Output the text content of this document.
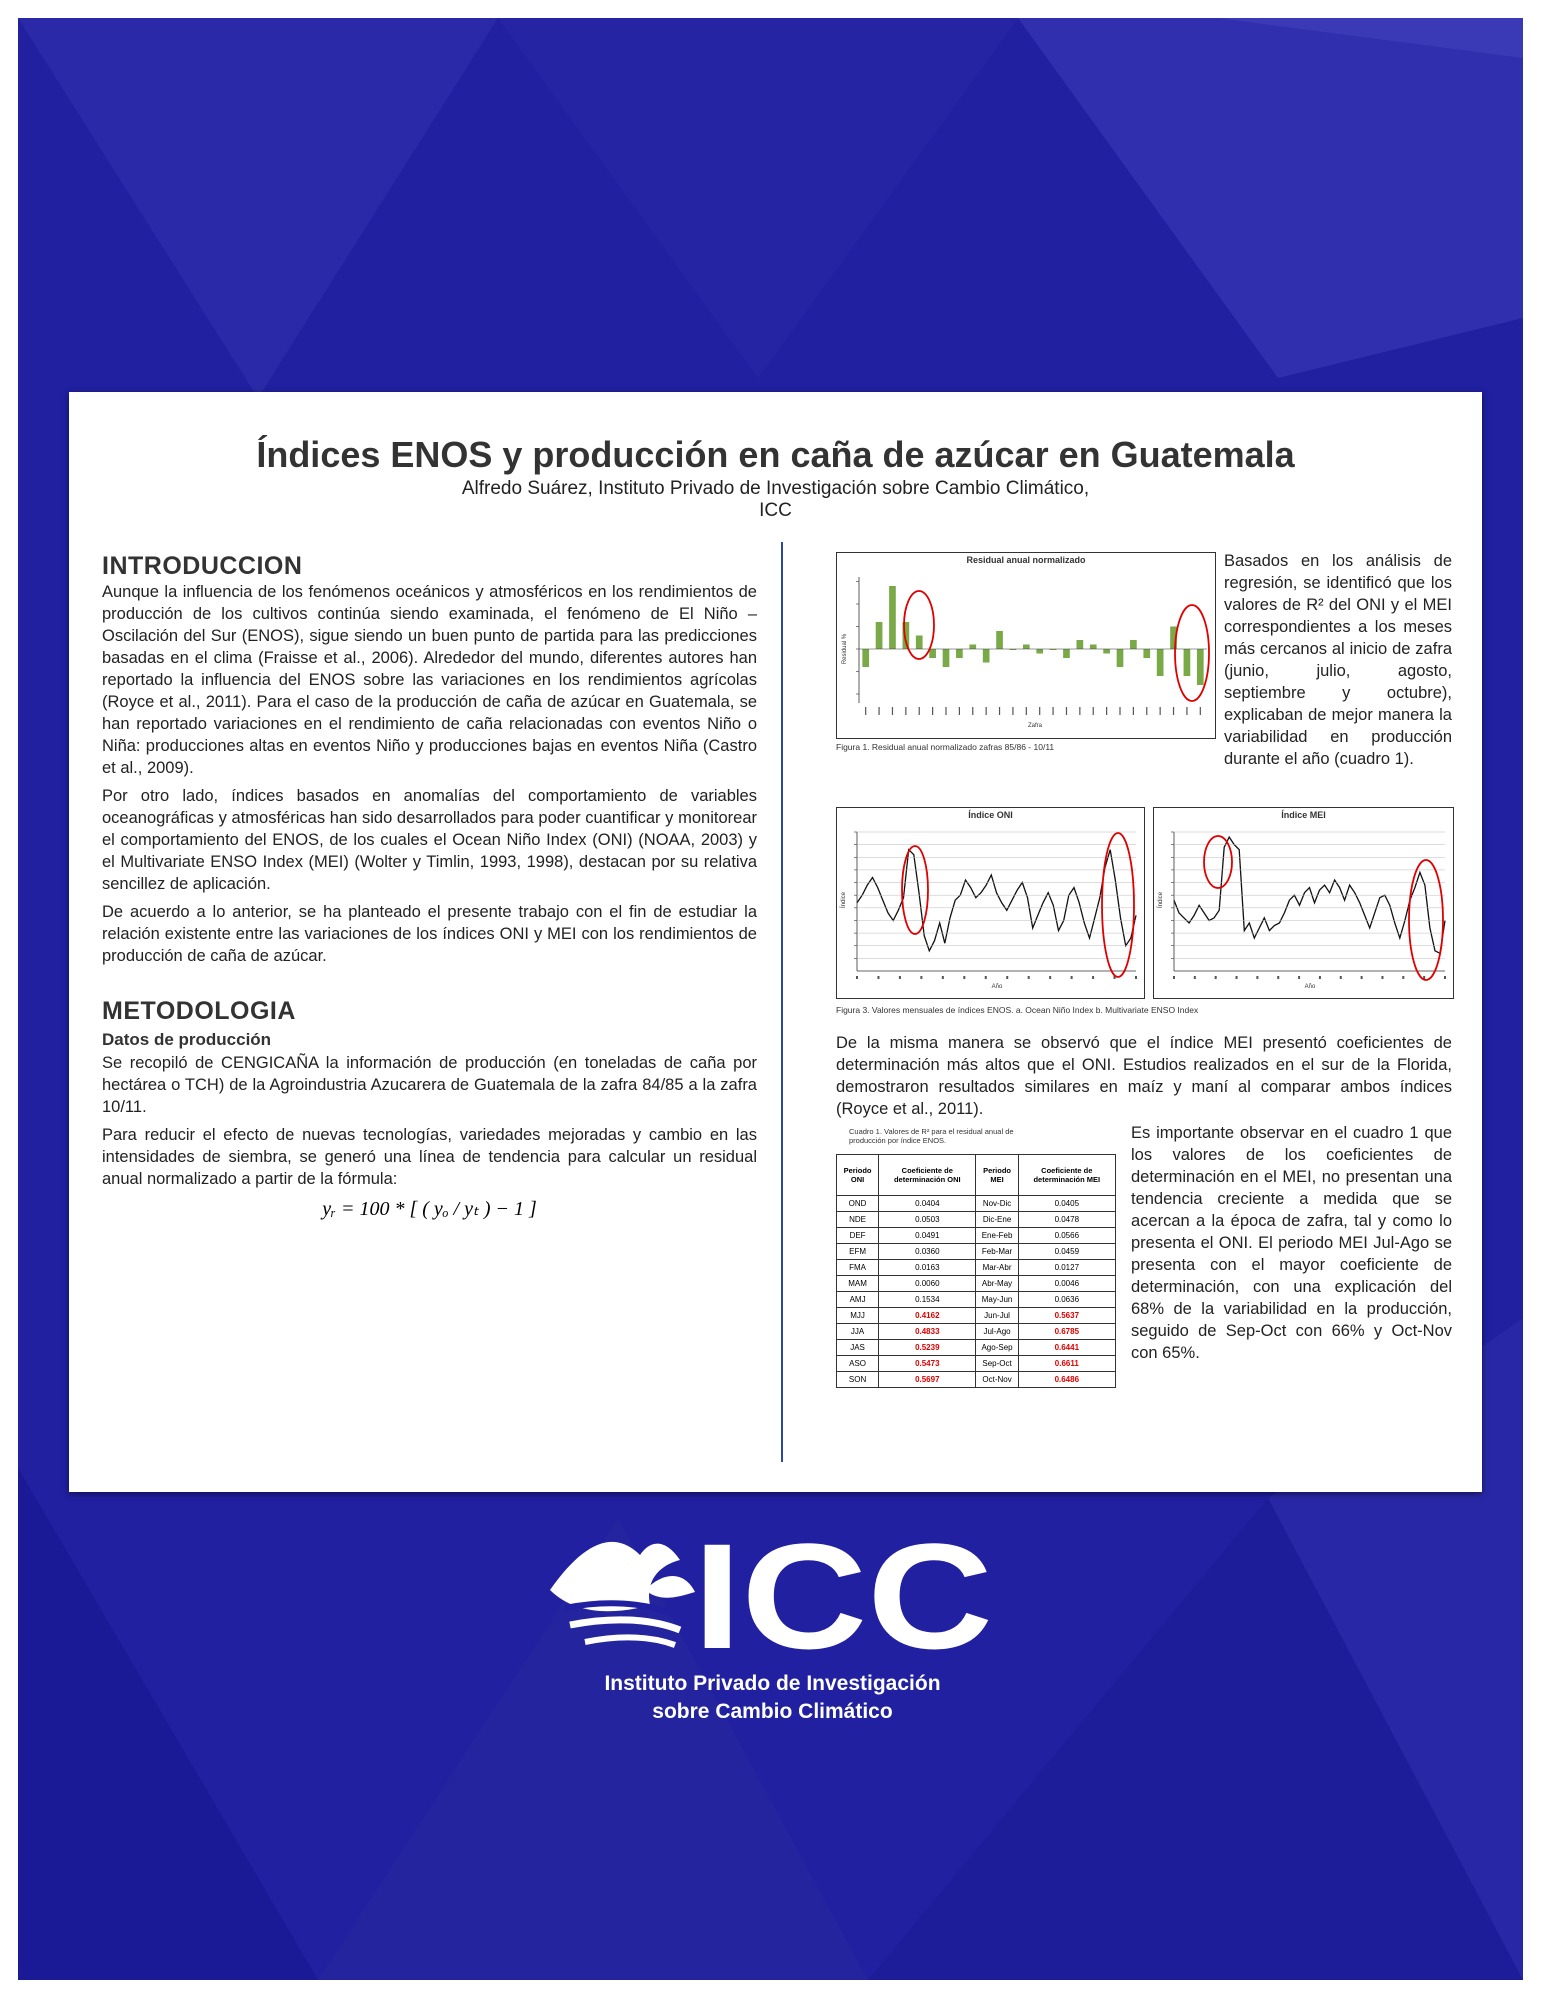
Índices ENOS y producción en caña de azúcar en Guatemala
Alfredo Suárez, Instituto Privado de Investigación sobre Cambio Climático,
ICC
INTRODUCCION

Aunque la influencia de los fenómenos oceánicos y atmosféricos en los rendimientos de producción de los cultivos continúa siendo examinada, el fenómeno de El Niño – Oscilación del Sur (ENOS), sigue siendo un buen punto de partida para las predicciones basadas en el clima (Fraisse et al., 2006). Alrededor del mundo, diferentes autores han reportado la influencia del ENOS sobre las variaciones en los rendimientos agrícolas (Royce et al., 2011). Para el caso de la producción de caña de azúcar en Guatemala, se han reportado variaciones en el rendimiento de caña relacionadas con eventos Niño o Niña: producciones altas en eventos Niño y producciones bajas en eventos Niña (Castro et al., 2009).

Por otro lado, índices basados en anomalías del comportamiento de variables oceanográficas y atmosféricas han sido desarrollados para poder cuantificar y monitorear el comportamiento del ENOS, de los cuales el Ocean Niño Index (ONI) (NOAA, 2003) y el Multivariate ENSO Index (MEI) (Wolter y Timlin, 1993, 1998), destacan por su relativa sencillez de aplicación.

De acuerdo a lo anterior, se ha planteado el presente trabajo con el fin de estudiar la relación existente entre las variaciones de los índices ONI y MEI con los rendimientos de producción de caña de azúcar.

METODOLOGIA
Datos de producción

Se recopiló de CENGICAÑA la información de producción (en toneladas de caña por hectárea o TCH) de la Agroindustria Azucarera de Guatemala de la zafra 84/85 a la zafra 10/11.

Para reducir el efecto de nuevas tecnologías, variedades mejoradas y cambio en las intensidades de siembra, se generó una línea de tendencia para calcular un residual anual normalizado a partir de la fórmula:

yᵣ = 100 * [ ( yₒ / yₜ ) − 1 ]
Residual anual normalizado
Residual %
Zafra
Figura 1. Residual anual normalizado zafras 85/86 - 10/11
Basados en los análisis de regresión, se identificó que los valores de R² del ONI y el MEI correspondientes a los meses más cercanos al inicio de zafra (junio, julio, agosto, septiembre y octubre), explicaban de mejor manera la variabilidad en producción durante el año (cuadro 1).
Índice ONI
Índice
Año
Índice MEI
Índice
Año
Figura 3. Valores mensuales de índices ENOS. a. Ocean Niño Index b. Multivariate ENSO Index
De la misma manera se observó que el índice MEI presentó coeficientes de determinación más altos que el ONI. Estudios realizados en el sur de la Florida, demostraron resultados similares en maíz y maní al comparar ambos índices (Royce et al., 2011).
Cuadro 1. Valores de R² para el residual anual de producción por índice ENOS.
Periodo ONI	Coeficiente de determinación ONI	Periodo MEI	Coeficiente de determinación MEI
OND	0.0404	Nov-Dic	0.0405
NDE	0.0503	Dic-Ene	0.0478
DEF	0.0491	Ene-Feb	0.0566
EFM	0.0360	Feb-Mar	0.0459
FMA	0.0163	Mar-Abr	0.0127
MAM	0.0060	Abr-May	0.0046
AMJ	0.1534	May-Jun	0.0636
MJJ	0.4162	Jun-Jul	0.5637
JJA	0.4833	Jul-Ago	0.6785
JAS	0.5239	Ago-Sep	0.6441
ASO	0.5473	Sep-Oct	0.6611
SON	0.5697	Oct-Nov	0.6486
Es importante observar en el cuadro 1 que los valores de los coeficientes de determinación en el MEI, no presentan una tendencia creciente a medida que se acercan a la época de zafra, tal y como lo presenta el ONI. El periodo MEI Jul-Ago se presenta con el mayor coeficiente de determinación, con una explicación del 68% de la variabilidad en la producción, seguido de Sep-Oct con 66% y Oct-Nov con 65%.
ICC
Instituto Privado de Investigación
sobre Cambio Climático
